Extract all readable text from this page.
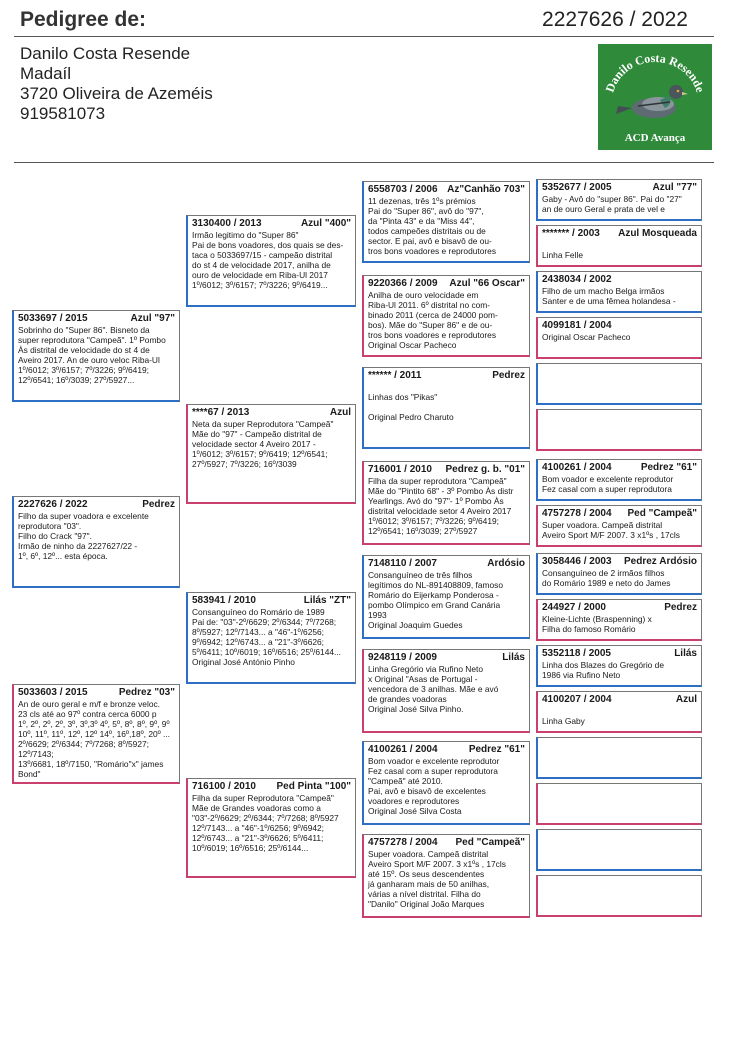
Pedigree de:	2227626 / 2022
Danilo Costa Resende
Madaíl
3720 Oliveira de Azeméis
919581073
Danilo Costa Resende
ACD Avança
2227626 / 2022	Pedrez
Filho da super voadora e excelente
reprodutora "03".
Filho do Crack "97".
Irmão de ninho da 2227627/22 -
1º, 6º, 12º... esta época.
5033697 / 2015	Azul "97"
Sobrinho do "Super 86". Bisneto da
super reprodutora "Campeã". 1º Pombo
Às distrital de velocidade do st 4 de
Aveiro 2017. An de ouro veloc Riba-Ul
1º/6012; 3º/6157; 7º/3226; 9º/6419;
12º/6541; 16º/3039; 27º/5927...
5033603 / 2015	Pedrez "03"
An de ouro geral e m/f e bronze veloc.
23 cls até ao 97º contra cerca 6000 p
1º, 2º, 2º, 2º, 3º, 3º,3º 4º, 5º, 8º, 8º, 9º, 9º
10º, 11º, 11º, 12º, 12º 14º, 16º,18º, 20º ...
2º/6629; 2º/6344; 7º/7268; 8º/5927; 12º/7143;
13º/6681, 18º/7150, "Romário"x" james Bond"
3130400 / 2013	Azul "400"
Irmão legitimo do "Super 86"
Pai de bons voadores, dos quais se des-
taca o 5033697/15 - campeão distrital
do st 4 de velocidade 2017, anilha de
ouro de velocidade em Riba-Ul 2017
1º/6012; 3º/6157; 7º/3226; 9º/6419...
****67 / 2013	Azul
Neta da super Reprodutora "Campeã"
Mãe do "97" - Campeão distrital de
velocidade sector 4 Aveiro 2017 -
1º/6012; 3º/6157; 9º/6419; 12º/6541;
27º/5927; 7º/3226; 16º/3039
583941 / 2010	Lilás "ZT"
Consanguíneo do Romário de 1989
Pai de: "03"-2º/6629; 2º/6344; 7º/7268;
8º/5927; 12º/7143... a "46"-1º/6256;
9º/6942; 12º/6743... a "21"-3º/6626;
5º/6411; 10º/6019; 16º/6516; 25º/6144...
Original José António Pinho
716100 / 2010 Ped Pinta "100"
Filha da super Reprodutora "Campeã"
Mãe de Grandes voadoras como a
"03"-2º/6629; 2º/6344; 7º/7268; 8º/5927
12º/7143... a "46"-1º/6256; 9º/6942;
12º/6743... a "21"-3º/6626; 5º/6411;
10º/6019; 16º/6516; 25º/6144...
6558703 / 2006 Az"Canhão 703"
11 dezenas, três 1ºs prémios
Pai do "Super 86", avô do "97",
da "Pinta 43" e da "Miss 44",
todos campeões distritais ou de
sector. E pai, avô e bisavô de ou-
tros bons voadores e reprodutores
9220366 / 2009 Azul "66 Oscar"
Anilha de ouro velocidade em
Riba-Ul 2011. 6º distrital no com-
binado 2011 (cerca de 24000 pom-
bos). Mãe do "Super 86" e de ou-
tros bons voadores e reprodutores
Original Oscar Pacheco
****** / 2011	Pedrez

Linhas dos "Pikas"

Original Pedro Charuto
716001 / 2010 Pedrez g. b. "01"
Filha da super reprodutora "Campeã"
Mãe do "Pintito 68" - 3º Pombo Às distr
Yearlings. Avó do "97"- 1º Pombo Às
distrital velocidade setor 4 Aveiro 2017
1º/6012; 3º/6157; 7º/3226; 9º/6419;
12º/6541; 16º/3039; 27º/5927
7148110 / 2007	Ardósio
Consanguíneo de três filhos
legítimos do NL-891408809, famoso
Romário do Eijerkamp Ponderosa -
pombo Olímpico em Grand Canária
1993
Original Joaquim Guedes
9248119 / 2009	Lilás
Linha Gregório via Rufino Neto
x Original "Asas de Portugal -
vencedora de 3 anilhas. Mãe e avó
de grandes voadoras
Original José Silva Pinho.
4100261 / 2004	Pedrez "61"
Bom voador e excelente reprodutor
Fez casal com a super reprodutora
"Campeã" até 2010.
Pai, avô e bisavô de excelentes
voadores e reprodutores
Original José Silva Costa
4757278 / 2004 Ped "Campeã"
Super voadora. Campeã distrital
Aveiro Sport M/F 2007. 3 x1ºs , 17cls
até 15º. Os seus descendentes
já ganharam mais de 50 anilhas,
várias a nível distrital. Filha do
"Danilo" Original João Marques
5352677 / 2005	Azul "77"
Gaby - Avô do "super 86". Pai do "27"
an de ouro Geral e prata de vel e
******* / 2003 Azul Mosqueada

Linha Felle
2438034 / 2002
Filho de um macho Belga irmãos
Santer e de uma fêmea holandesa -
4099181 / 2004
Original Oscar Pacheco
4100261 / 2004	Pedrez "61"
Bom voador e excelente reprodutor
Fez casal com a super reprodutora
4757278 / 2004 Ped "Campeã"
Super voadora. Campeã distrital
Aveiro Sport M/F 2007. 3 x1ºs , 17cls
3058446 / 2003 Pedrez Ardósio
Consanguíneo de 2 irmãos filhos
do Romário 1989 e neto do James
244927 / 2000	Pedrez
Kleine-Lichte (Braspenning) x
Filha do famoso Romário
5352118 / 2005	Lilás
Linha dos Blazes do Gregório de
1986 via Rufino Neto
4100207 / 2004	Azul

Linha Gaby
